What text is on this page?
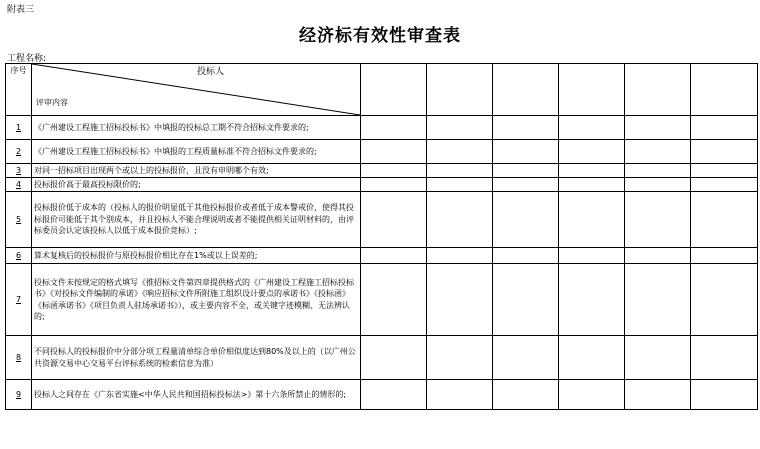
附表三
经济标有效性审查表
工程名称:
序号	投标人
评审内容						

1	《广州建设工程施工招标投标书》中填报的投标总工期不符合招标文件要求的;						
2	《广州建设工程施工招标投标书》中填报的工程质量标准不符合招标文件要求的;						
3	对同一招标项目出现两个或以上的投标报价，且没有申明哪个有效;						
4	投标报价高于最高投标限价的;						
5	投标报价低于成本的（投标人的报价明显低于其他投标报价或者低于成本警戒价，使得其投标报价可能低于其个别成本，并且投标人不能合理说明或者不能提供相关证明材料的，由评标委员会认定该投标人以低于成本报价竞标）;						
6	算术复核后的投标报价与原投标报价相比存在1%或以上误差的;						
7	投标文件未按规定的格式填写《推招标文件第四章提供格式的《广州建设工程施工招标投标书》《对投标文件编制的承诺》《响应招标文件所附施工组织设计要点的承诺书》《投标函》《标函承诺书》《项目负责人驻场承诺书》），或主要内容不全，或关键字迹模糊、无法辨认的;						
8	不同投标人的投标报价中分部分项工程量清单综合单价相似度达到80%及以上的（以广州公共资源交易中心交易平台评标系统的检索信息为准）						
9	投标人之间存在《广东省实施<中华人民共和国招标投标法>》第十六条所禁止的情形的;						
